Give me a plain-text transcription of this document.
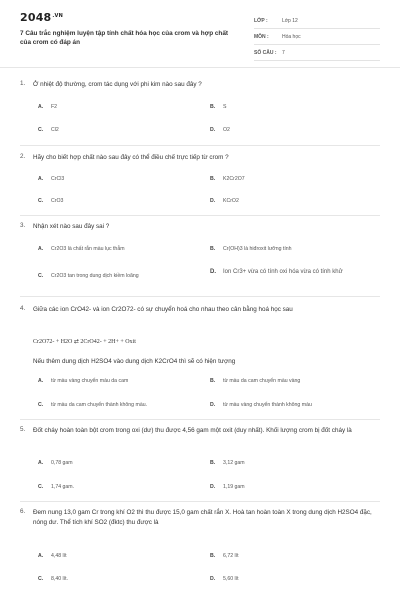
$2048^{.VN}$
7 Câu trắc nghiệm luyện tập tính chất hóa học của crom và hợp chất của crom có đáp án
LỚP :	Lớp 12
MÔN :	Hóa học
SỐ CÂU :	7
1.	Ở nhiệt độ thường, crom tác dụng với phi kim nào sau đây ?
A.	F2	B.	S
C.	Cl2	D.	O2
2.	Hãy cho biết hợp chất nào sau đây có thể điều chế trực tiếp từ crom ?
A.	CrCl3	B.	K2Cr2O7
C.	CrO3	D.	KCrO2
3.	Nhận xét nào sau đây sai ?
A.	Cr2O3 là chất rắn màu lục thẫm	B.	Cr(OH)3 là hiđroxit lưỡng tính
C.	Cr2O3 tan trong dung dịch kiềm loãng
D.	Ion Cr3+ vừa có tính oxi hóa vừa có tính khử
4.	Giữa các ion CrO42- và ion Cr2O72- có sự chuyển hoá cho nhau theo cân bằng hoá học sau
Cr2O72- + H2O ⇄ 2CrO42- + 2H+ + Oxit
Nếu thêm dung dịch H2SO4 vào dung dịch K2CrO4 thì sẽ có hiện tượng
A.	từ màu vàng chuyển màu da cam	B.	từ màu da cam chuyển màu vàng
C.	từ màu da cam chuyển thành không màu.	D.	từ màu vàng chuyển thành không màu
5.	Đốt cháy hoàn toàn bột crom trong oxi (dư) thu được 4,56 gam một oxit (duy nhất). Khối lượng crom bị đốt cháy là
A.	0,78 gam	B.	3,12 gam
C.	1,74 gam.	D.	1,19 gam
6.	Đem nung 13,0 gam Cr trong khí O2 thì thu được 15,0 gam chất rắn X. Hoà tan hoàn toàn X trong dung dịch H2SO4 đặc, nóng dư. Thể tích khí SO2 (đktc) thu được là
A.	4,48 lít	B.	6,72 lít
C.	8,40 lít.	D.	5,60 lít
